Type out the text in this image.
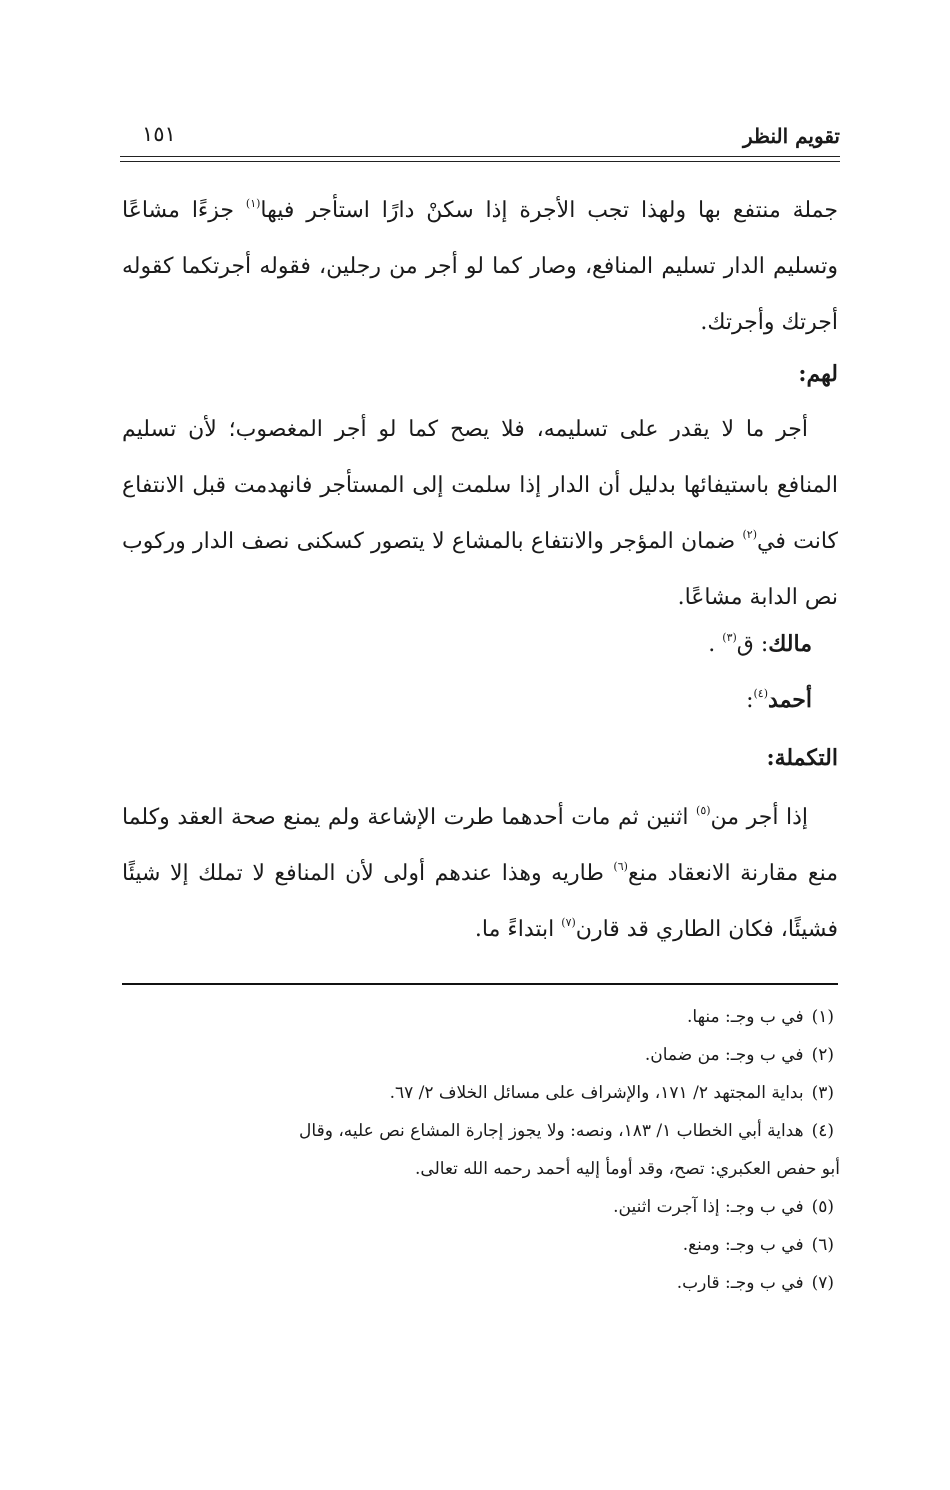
تقويم النظر
١٥١

جملة منتفع بها ولهذا تجب الأجرة إذا سكنْ دارًا استأجر فيها$^{(١)}$ جزءًا مشاعًا وتسليم الدار تسليم المنافع، وصار كما لو أجر من رجلين، فقوله أجرتكما كقوله أجرتك وأجرتك.

لهم:

أجر ما لا يقدر على تسليمه، فلا يصح كما لو أجر المغصوب؛ لأن تسليم المنافع باستيفائها بدليل أن الدار إذا سلمت إلى المستأجر فانهدمت قبل الانتفاع كانت في$^{(٢)}$ ضمان المؤجر والانتفاع بالمشاع لا يتصور كسكنى نصف الدار وركوب نص الدابة مشاعًا.

مالك: ق$^{(٣)}$ .
أحمد$^{(٤)}$:
التكملة:

إذا أجر من$^{(٥)}$ اثنين ثم مات أحدهما طرت الإشاعة ولم يمنع صحة العقد وكلما منع مقارنة الانعقاد منع$^{(٦)}$ طاريه وهذا عندهم أولى لأن المنافع لا تملك إلا شيئًا فشيئًا، فكان الطاري قد قارن$^{(٧)}$ ابتداءً ما.

(١)في ب وجـ: منها.
(٢)في ب وجـ: من ضمان.
(٣)بداية المجتهد ٢/ ١٧١، والإشراف على مسائل الخلاف ٢/ ٦٧.
(٤)هداية أبي الخطاب ١/ ١٨٣، ونصه: ولا يجوز إجارة المشاع نص عليه، وقال
أبو حفص العكبري: تصح، وقد أومأ إليه أحمد رحمه الله تعالى.
(٥)في ب وجـ: إذا آجرت اثنين.
(٦)في ب وجـ: ومنع.
(٧)في ب وجـ: قارب.
